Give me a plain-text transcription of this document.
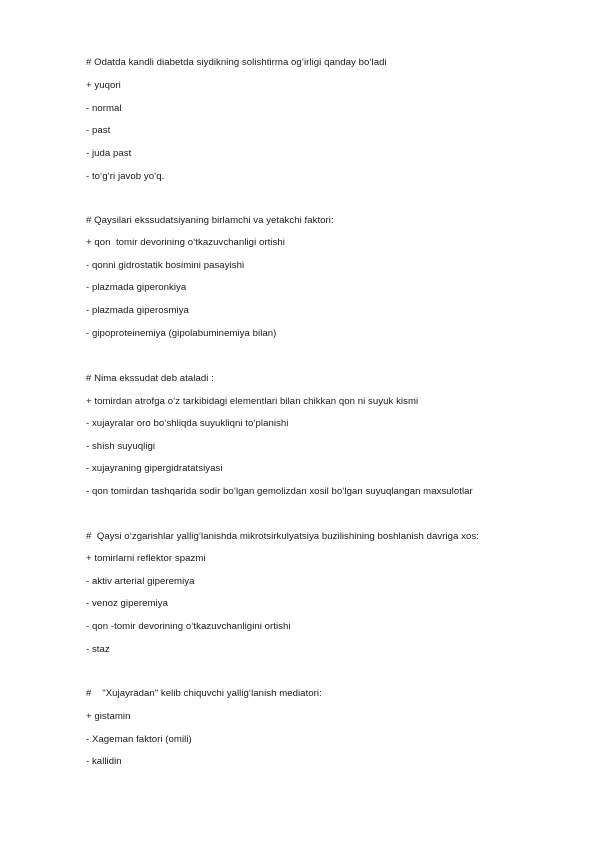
# Odatda kandli diabetda siydikning solishtirma og‘irligi qanday bo‘ladi
+ yuqori
- normal
- past
- juda past
- to‘g‘ri javob yo‘q.
# Qaysilari ekssudatsiyaning birlamchi va yetakchi faktori:
+ qon  tomir devorining o‘tkazuvchanligi ortishi
- qonni gidrostatik bosimini pasayishi
- plazmada giperonkiya
- plazmada giperosmiya
- gipoproteinemiya (gipolabuminemiya bilan)
# Nima ekssudat deb ataladi :
+ tomirdan atrofga o‘z tarkibidagi elementlari bilan chikkan qon ni suyuk kismi
- xujayralar oro bo‘shliqda suyukliqni to‘planishi
- shish suyuqligi
- xujayraning gipergidratatsiyasi
- qon tomirdan tashqarida sodir bo‘lgan gemolizdan xosil bo‘lgan suyuqlangan maxsulotlar
#  Qaysi o‘zgarishlar yallig‘lanishda mikrotsirkulyatsiya buzilishining boshlanish davriga xos:
+ tomirlarni reflektor spazmi
- aktiv arterial giperemiya
- venoz giperemiya
- qon -tomir devorining o‘tkazuvchanligini ortishi
- staz
#    "Xujayradan" kelib chiquvchi yallig‘lanish mediatori:
+ gistamin
- Xageman faktori (omili)
- kallidin
